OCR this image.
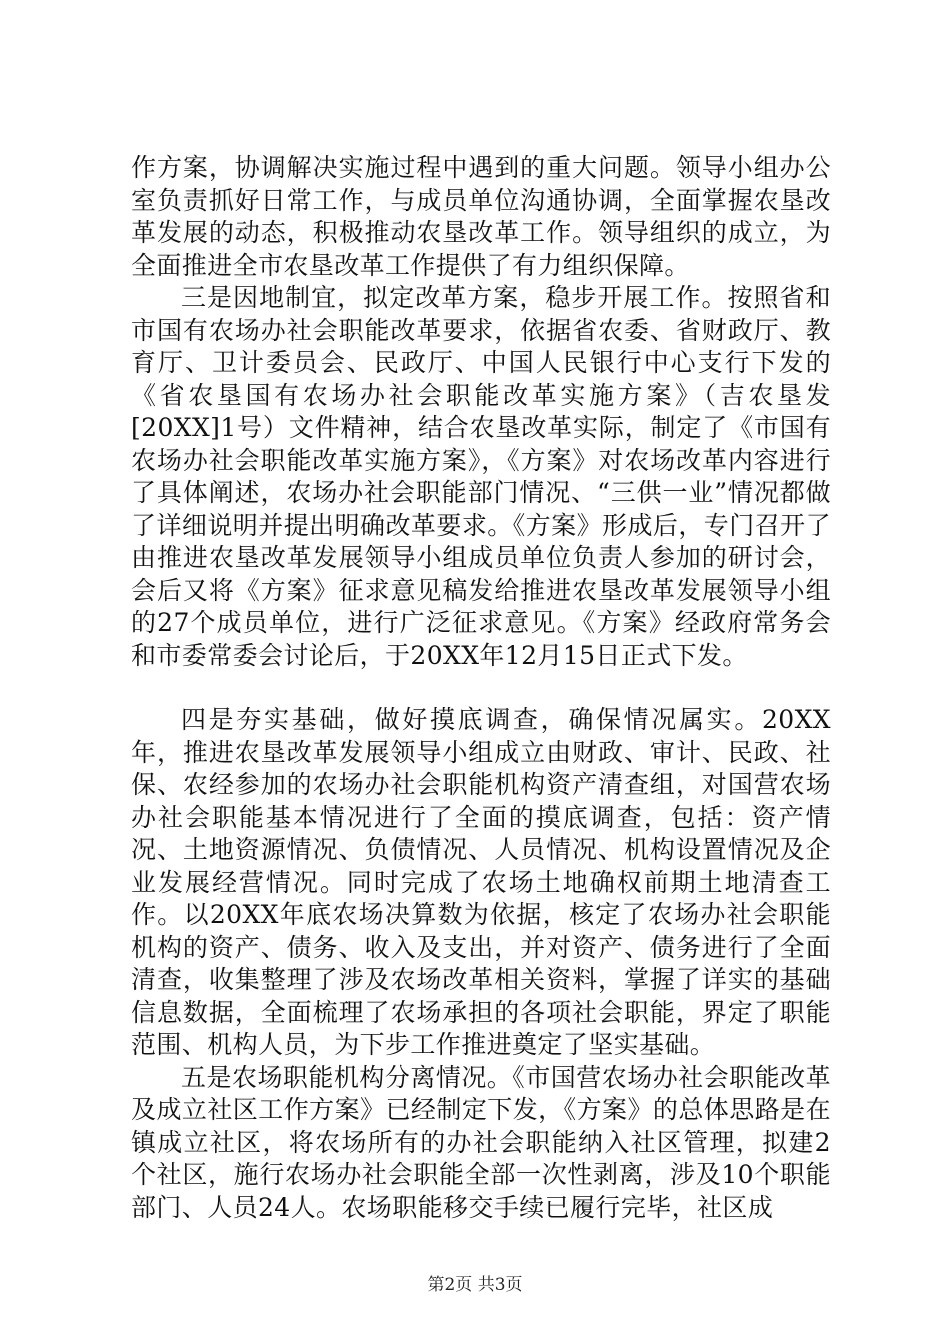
作方案，协调解决实施过程中遇到的重大问题。领导小组办公室负责抓好日常工作，与成员单位沟通协调，全面掌握农垦改革发展的动态，积极推动农垦改革工作。领导组织的成立，为全面推进全市农垦改革工作提供了有力组织保障。

三是因地制宜，拟定改革方案，稳步开展工作。按照省和市国有农场办社会职能改革要求，依据省农委、省财政厅、教育厅、卫计委员会、民政厅、中国人民银行中心支行下发的《省农垦国有农场办社会职能改革实施方案》（吉农垦发[20XX]1号）文件精神，结合农垦改革实际，制定了《市国有农场办社会职能改革实施方案》，《方案》对农场改革内容进行了具体阐述，农场办社会职能部门情况、“三供一业”情况都做了详细说明并提出明确改革要求。《方案》形成后，专门召开了由推进农垦改革发展领导小组成员单位负责人参加的研讨会，会后又将《方案》征求意见稿发给推进农垦改革发展领导小组的27个成员单位，进行广泛征求意见。《方案》经政府常务会和市委常委会讨论后，于20XX年12月15日正式下发。

四是夯实基础，做好摸底调查，确保情况属实。20XX年，推进农垦改革发展领导小组成立由财政、审计、民政、社保、农经参加的农场办社会职能机构资产清查组，对国营农场办社会职能基本情况进行了全面的摸底调查，包括：资产情况、土地资源情况、负债情况、人员情况、机构设置情况及企业发展经营情况。同时完成了农场土地确权前期土地清查工作。以20XX年底农场决算数为依据，核定了农场办社会职能机构的资产、债务、收入及支出，并对资产、债务进行了全面清查，收集整理了涉及农场改革相关资料，掌握了详实的基础信息数据，全面梳理了农场承担的各项社会职能，界定了职能范围、机构人员，为下步工作推进奠定了坚实基础。

五是农场职能机构分离情况。《市国营农场办社会职能改革及成立社区工作方案》已经制定下发，《方案》的总体思路是在镇成立社区，将农场所有的办社会职能纳入社区管理，拟建2个社区，施行农场办社会职能全部一次性剥离，涉及10个职能部门、人员24人。农场职能移交手续已履行完毕，社区成

第2页 共3页
